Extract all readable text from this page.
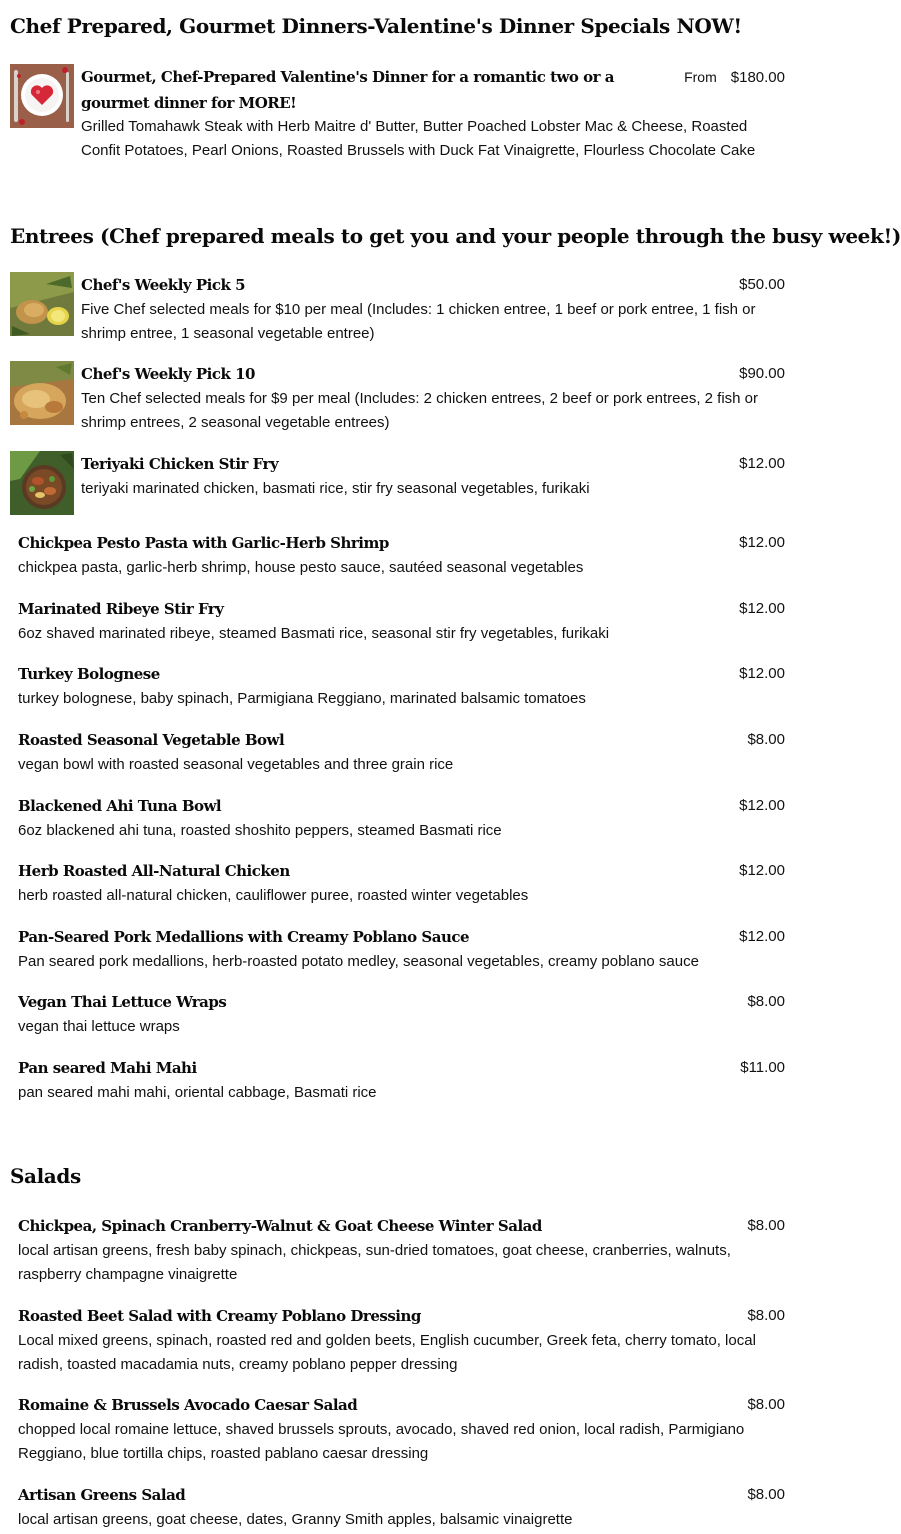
Chef Prepared, Gourmet Dinners-Valentine's Dinner Specials NOW!
Gourmet, Chef-Prepared Valentine's Dinner for a romantic two or a gourmet dinner for MORE!
From $180.00

Grilled Tomahawk Steak with Herb Maitre d' Butter, Butter Poached Lobster Mac & Cheese, Roasted Confit Potatoes, Pearl Onions, Roasted Brussels with Duck Fat Vinaigrette, Flourless Chocolate Cake

Entrees (Chef prepared meals to get you and your people through the busy week!)
Chef's Weekly Pick 5	$50.00

Five Chef selected meals for $10 per meal (Includes: 1 chicken entree, 1 beef or pork entree, 1 fish or shrimp entree, 1 seasonal vegetable entree)

Chef's Weekly Pick 10	$90.00

Ten Chef selected meals for $9 per meal (Includes: 2 chicken entrees, 2 beef or pork entrees, 2 fish or shrimp entrees, 2 seasonal vegetable entrees)

Teriyaki Chicken Stir Fry	$12.00

teriyaki marinated chicken, basmati rice, stir fry seasonal vegetables, furikaki

Chickpea Pesto Pasta with Garlic-Herb Shrimp	$12.00

chickpea pasta, garlic-herb shrimp, house pesto sauce, sautéed seasonal vegetables

Marinated Ribeye Stir Fry	$12.00

6oz shaved marinated ribeye, steamed Basmati rice, seasonal stir fry vegetables, furikaki

Turkey Bolognese	$12.00

turkey bolognese, baby spinach, Parmigiana Reggiano, marinated balsamic tomatoes

Roasted Seasonal Vegetable Bowl	$8.00

vegan bowl with roasted seasonal vegetables and three grain rice

Blackened Ahi Tuna Bowl	$12.00

6oz blackened ahi tuna, roasted shoshito peppers, steamed Basmati rice

Herb Roasted All-Natural Chicken	$12.00

herb roasted all-natural chicken, cauliflower puree, roasted winter vegetables

Pan-Seared Pork Medallions with Creamy Poblano Sauce	$12.00

Pan seared pork medallions, herb-roasted potato medley, seasonal vegetables, creamy poblano sauce

Vegan Thai Lettuce Wraps	$8.00

vegan thai lettuce wraps

Pan seared Mahi Mahi	$11.00

pan seared mahi mahi, oriental cabbage, Basmati rice

Salads
Chickpea, Spinach Cranberry-Walnut & Goat Cheese Winter Salad	$8.00

local artisan greens, fresh baby spinach, chickpeas, sun-dried tomatoes, goat cheese, cranberries, walnuts, raspberry champagne vinaigrette

Roasted Beet Salad with Creamy Poblano Dressing	$8.00

Local mixed greens, spinach, roasted red and golden beets, English cucumber, Greek feta, cherry tomato, local radish, toasted macadamia nuts, creamy poblano pepper dressing

Romaine & Brussels Avocado Caesar Salad	$8.00

chopped local romaine lettuce, shaved brussels sprouts, avocado, shaved red onion, local radish, Parmigiano Reggiano, blue tortilla chips, roasted pablano caesar dressing

Artisan Greens Salad	$8.00

local artisan greens, goat cheese, dates, Granny Smith apples, balsamic vinaigrette
